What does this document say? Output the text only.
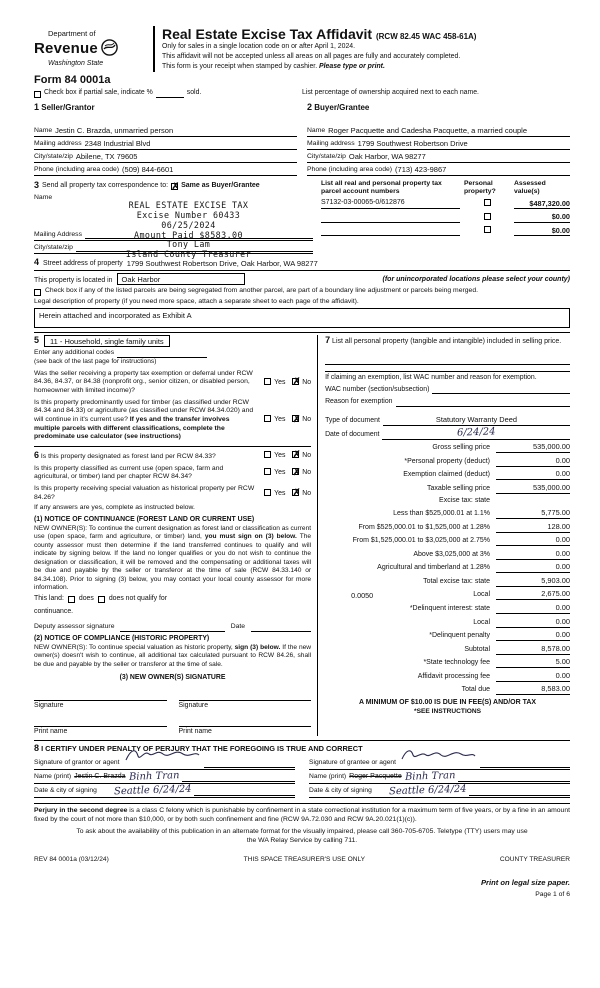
Department of
Revenue
Washington State
Real Estate Excise Tax Affidavit (RCW 82.45 WAC 458-61A)
Only for sales in a single location code on or after April 1, 2024.
This affidavit will not be accepted unless all areas on all pages are fully and accurately completed.
This form is your receipt when stamped by cashier. Please type or print.
Form 84 0001a
Check box if partial sale, indicate %	sold.	List percentage of ownership acquired next to each name.
1 Seller/Grantor
Name Jestin C. Brazda, unmarried person
Mailing address 2348 Industrial Blvd
City/state/zip Abilene, TX 79605
Phone (including area code) (509) 844-6601
2 Buyer/Grantee
Name Roger Pacquette and Cadesha Pacquette, a married couple
Mailing address 1799 Southwest Robertson Drive
City/state/zip Oak Harbor, WA 98277
Phone (including area code) (713) 423-9867
3 Send all property tax correspondence to: ✗ Same as Buyer/Grantee
Name
REAL ESTATE EXCISE TAX
Excise Number 60433
06/25/2024
Amount Paid $8583.00
Tony Lam
Island County Treasurer
Mailing Address
City/state/zip
List all real and personal property tax parcel account numbers
Personal property?
Assessed value(s)
S7132-03-00065-0/612876	$487,320.00
$0.00
$0.00
4 Street address of property 1799 Southwest Robertson Drive, Oak Harbor, WA 98277
This property is located in	Oak Harbor	(for unincorporated locations please select your county)
Check box if any of the listed parcels are being segregated from another parcel, are part of a boundary line adjustment or parcels being merged.
Legal description of property (if you need more space, attach a separate sheet to each page of the affidavit).
Herein attached and incorporated as Exhibit A
5	11 - Household, single family units
Enter any additional codes
(see back of the last page for instructions)
Was the seller receiving a property tax exemption or deferral under RCW 84.36, 84.37, or 84.38 (nonprofit org., senior citizen, or disabled person, homeowner with limited income)?
Yes ✗ No
Is this property predominantly used for timber (as classified under RCW 84.34 and 84.33) or agriculture (as classified under RCW 84.34.020) and will continue in it's current use? If yes and the transfer involves multiple parcels with different classifications, complete the predominate use calculator (see instructions)
Yes ✗ No
6 Is this property designated as forest land per RCW 84.33?	Yes ✗ No
Is this property classified as current use (open space, farm and agricultural, or timber) land per chapter RCW 84.34?
Yes ✗ No
Is this property receiving special valuation as historical property per RCW 84.26?
Yes ✗ No
If any answers are yes, complete as instructed below.
(1) NOTICE OF CONTINUANCE (FOREST LAND OR CURRENT USE)
NEW OWNER(S): To continue the current designation as forest land or classification as current use (open space, farm and agriculture, or timber) land, you must sign on (3) below. The county assessor must then determine if the land transferred continues to qualify and will indicate by signing below. If the land no longer qualifies or you do not wish to continue the designation or classification, it will be removed and the compensating or additional taxes will be due and payable by the seller or transferor at the time of sale (RCW 84.33.140 or 84.34.108). Prior to signing (3) below, you may contact your local county assessor for more information.
This land: does does not qualify for
continuance.
Deputy assessor signature	Date
(2) NOTICE OF COMPLIANCE (HISTORIC PROPERTY)
NEW OWNER(S): To continue special valuation as historic property, sign (3) below. If the new owner(s) doesn't wish to continue, all additional tax calculated pursuant to RCW 84.26, shall be due and payable by the seller or transferor at the time of sale.
(3) NEW OWNER(S) SIGNATURE
Signature	Signature
Print name	Print name
7 List all personal property (tangible and intangible) included in selling price.
If claiming an exemption, list WAC number and reason for exemption.
WAC number (section/subsection)
Reason for exemption
Type of document	Statutory Warranty Deed
Date of document	6/24/24
Gross selling price	535,000.00
*Personal property (deduct)	0.00
Exemption claimed (deduct)	0.00
Taxable selling price	535,000.00
Excise tax: state
Less than $525,000.01 at 1.1%	5,775.00
From $525,000.01 to $1,525,000 at 1.28%	128.00
From $1,525,000.01 to $3,025,000 at 2.75%	0.00
Above $3,025,000 at 3%	0.00
Agricultural and timberland at 1.28%	0.00
Total excise tax: state	5,903.00
0.0050	Local	2,675.00
*Delinquent interest: state	0.00
Local	0.00
*Delinquent penalty	0.00
Subtotal	8,578.00
*State technology fee	5.00
Affidavit processing fee	0.00
Total due	8,583.00
A MINIMUM OF $10.00 IS DUE IN FEE(S) AND/OR TAX
*SEE INSTRUCTIONS
8 I CERTIFY UNDER PENALTY OF PERJURY THAT THE FOREGOING IS TRUE AND CORRECT
Signature of grantor or agent
Name (print) Jestin C. Brazda Binh Tran
Date & city of signing Seattle 6/24/24
Signature of grantee or agent
Name (print) Roger Pacquette Binh Tran
Date & city of signing Seattle 6/24/24
Perjury in the second degree is a class C felony which is punishable by confinement in a state correctional institution for a maximum term of five years, or by a fine in an amount fixed by the court of not more than $10,000, or by both such confinement and fine (RCW 9A.72.030 and RCW 9A.20.021(1)(c)).
To ask about the availability of this publication in an alternate format for the visually impaired, please call 360-705-6705. Teletype (TTY) users may use the WA Relay Service by calling 711.
REV 84 0001a (03/12/24)	THIS SPACE TREASURER'S USE ONLY	COUNTY TREASURER
Print on legal size paper.
Page 1 of 6
